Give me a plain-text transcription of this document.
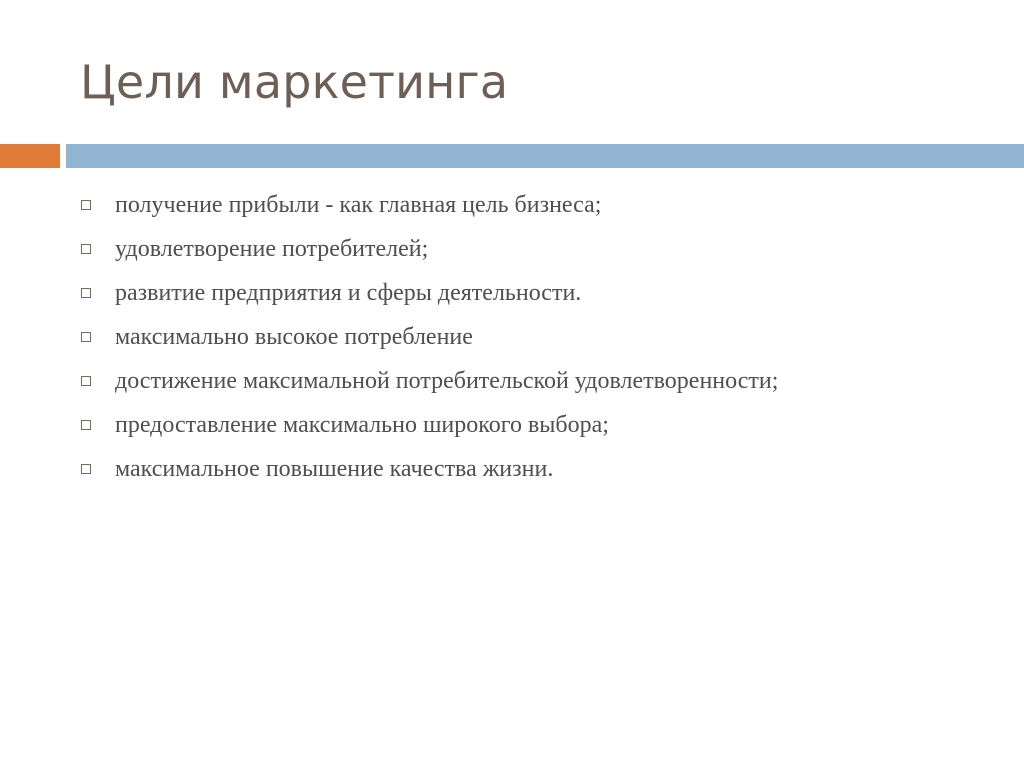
Цели маркетинга
получение прибыли - как главная цель бизнеса;
удовлетворение потребителей;
развитие предприятия и сферы деятельности.
максимально высокое потребление
достижение максимальной потребительской удовлетворенности;
предоставление максимально широкого выбора;
максимальное повышение качества жизни.
